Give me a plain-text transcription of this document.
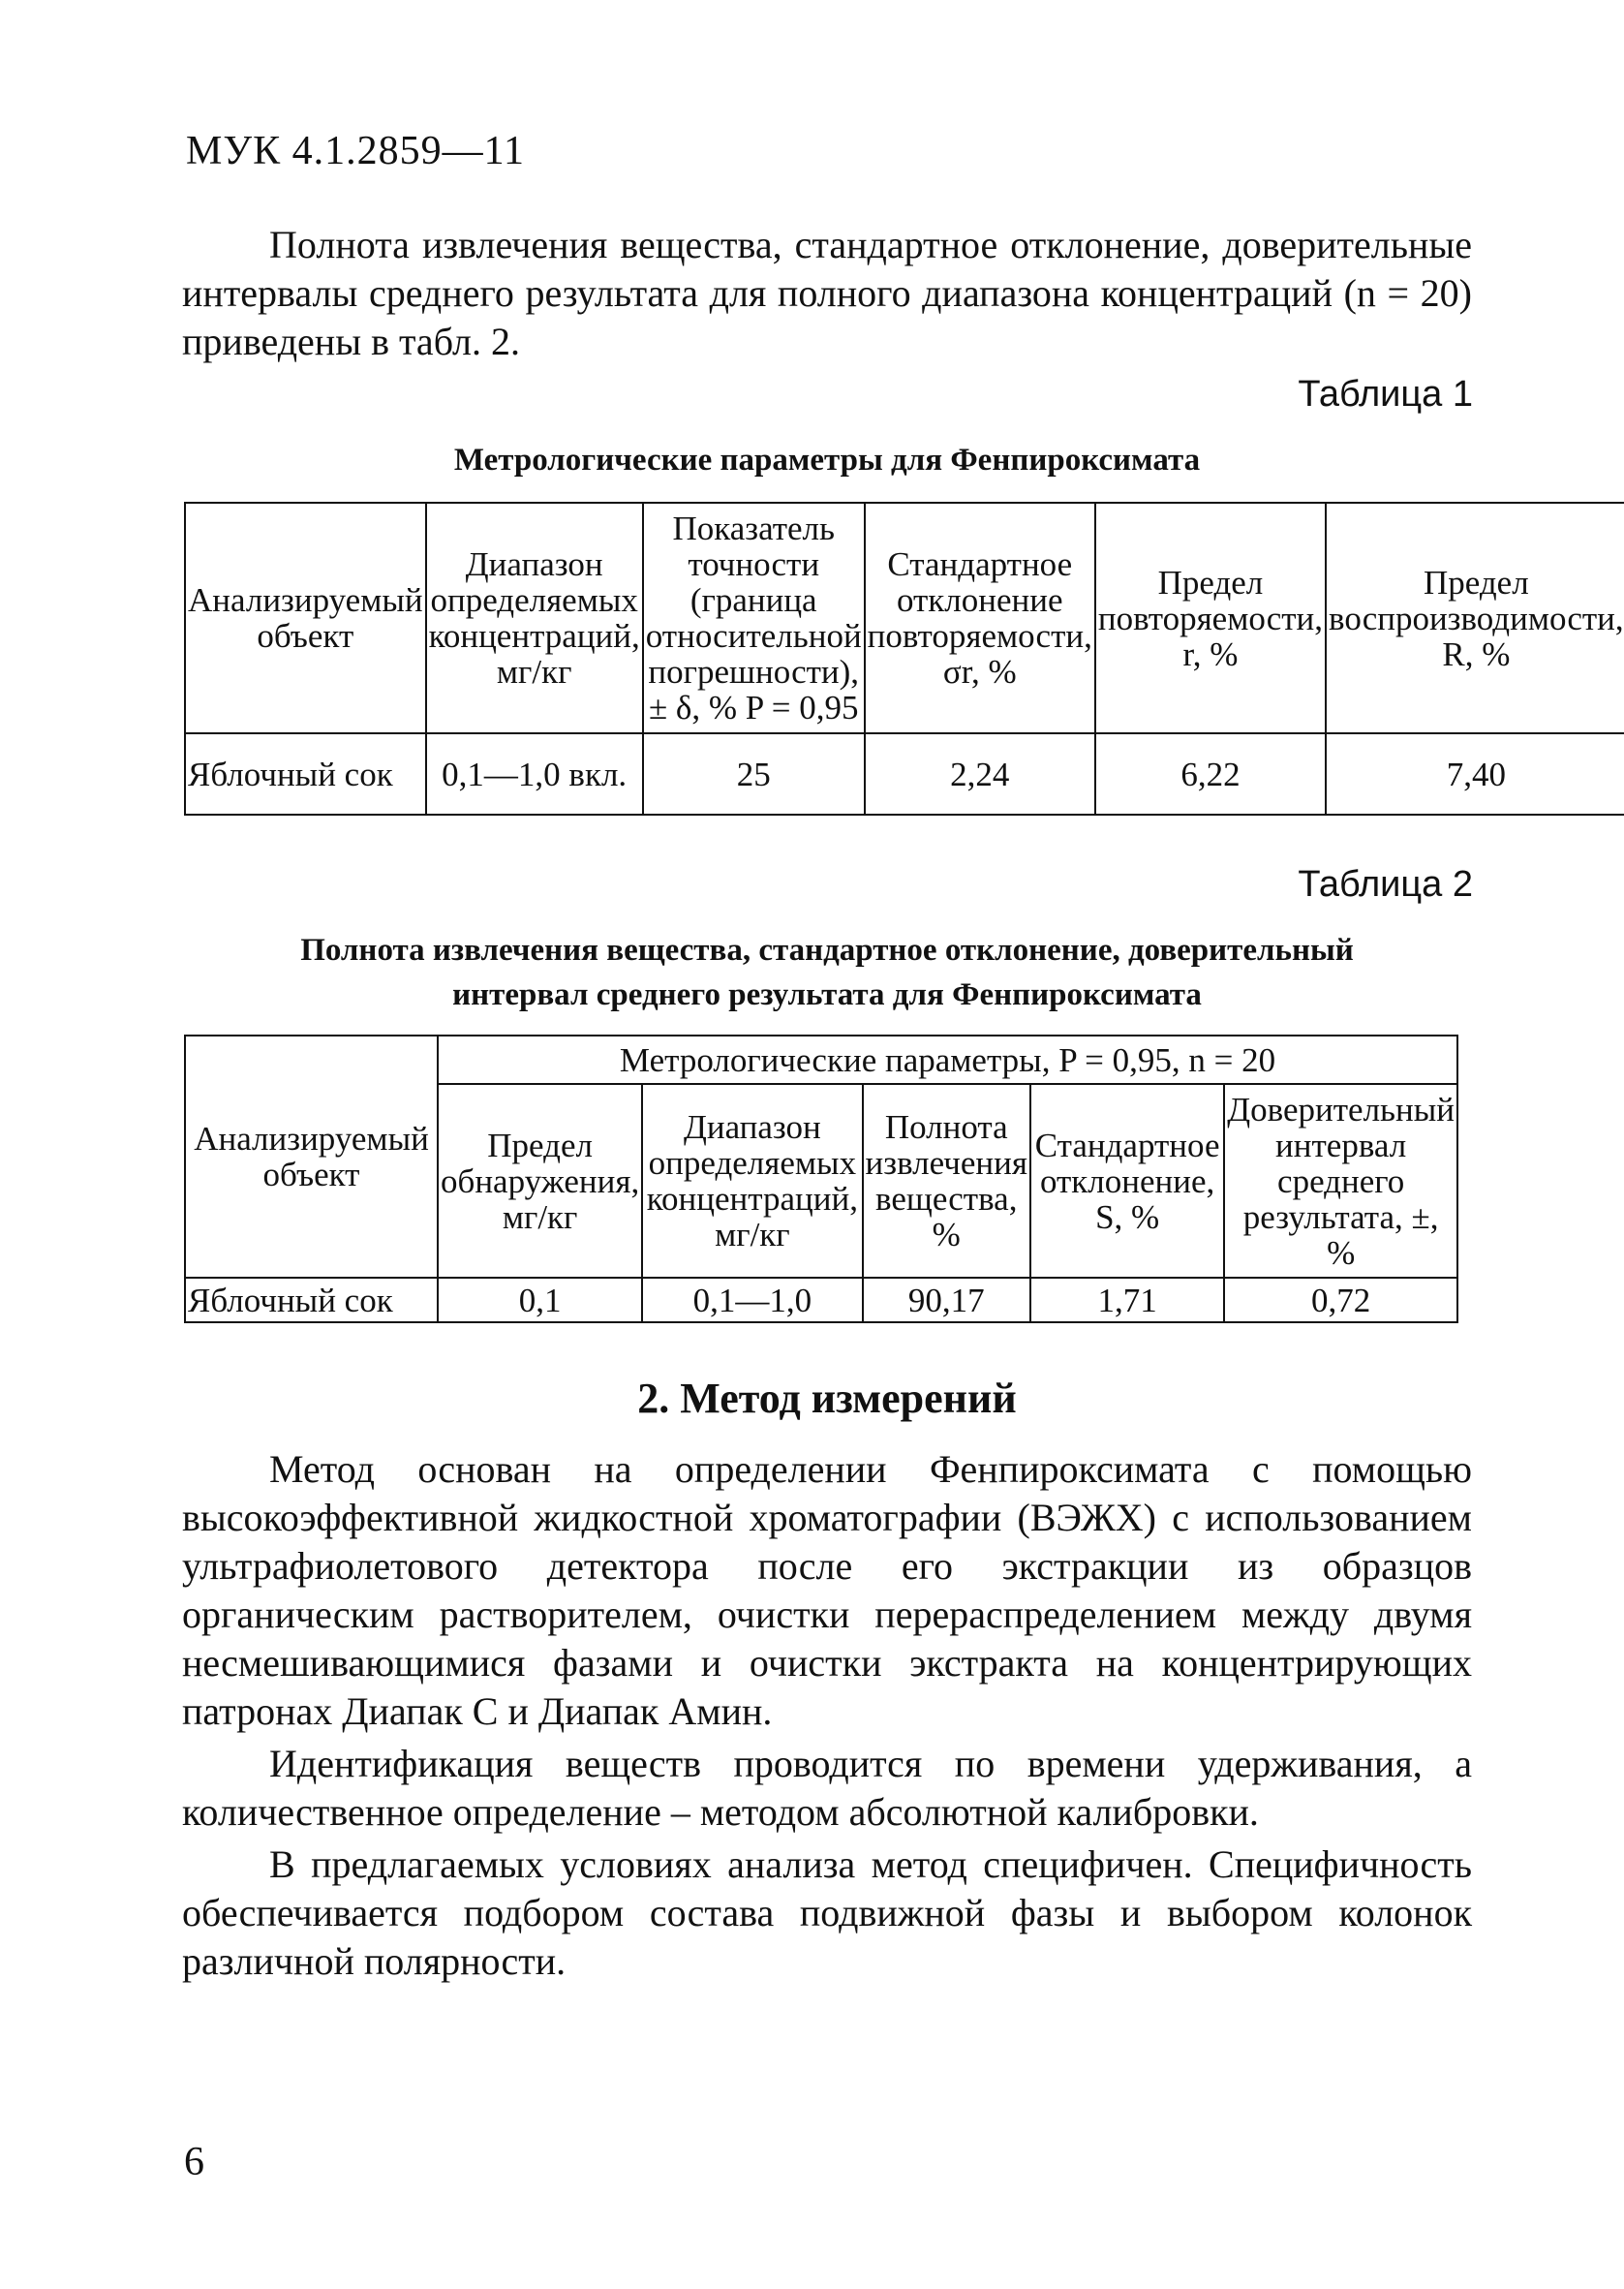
МУК 4.1.2859—11
Полнота извлечения вещества, стандартное отклонение, доверительные интервалы среднего результата для полного диапазона концентраций (n = 20) приведены в табл. 2.
Таблица 1
Метрологические параметры для Фенпироксимата
Анализируемый объект	Диапазон определяемых концентраций, мг/кг	Показатель точности (граница относительной погрешности), ± δ, % P = 0,95	Стандартное отклонение повторяемости, σr, %	Предел повторяемости, r, %	Предел воспроизводимости, R, %
Яблочный сок	0,1—1,0 вкл.	25	2,24	6,22	7,40
Таблица 2
Полнота извлечения вещества, стандартное отклонение, доверительный
интервал среднего результата для Фенпироксимата
Анализируемый объект	Метрологические параметры, P = 0,95, n = 20				
	Предел обнаружения, мг/кг	Диапазон определяемых концентраций, мг/кг	Полнота извлечения вещества, %	Стандартное отклонение, S, %	Доверительный интервал среднего результата, ±, %
Яблочный сок	0,1	0,1—1,0	90,17	1,71	0,72
2. Метод измерений
Метод основан на определении Фенпироксимата с помощью высокоэффективной жидкостной хроматографии (ВЭЖХ) с использованием ультрафиолетового детектора после его экстракции из образцов органическим растворителем, очистки перераспределением между двумя несмешивающимися фазами и очистки экстракта на концентрирующих патронах Диапак С и Диапак Амин.
Идентификация веществ проводится по времени удерживания, а количественное определение – методом абсолютной калибровки.
В предлагаемых условиях анализа метод специфичен. Специфичность обеспечивается подбором состава подвижной фазы и выбором колонок различной полярности.
6
